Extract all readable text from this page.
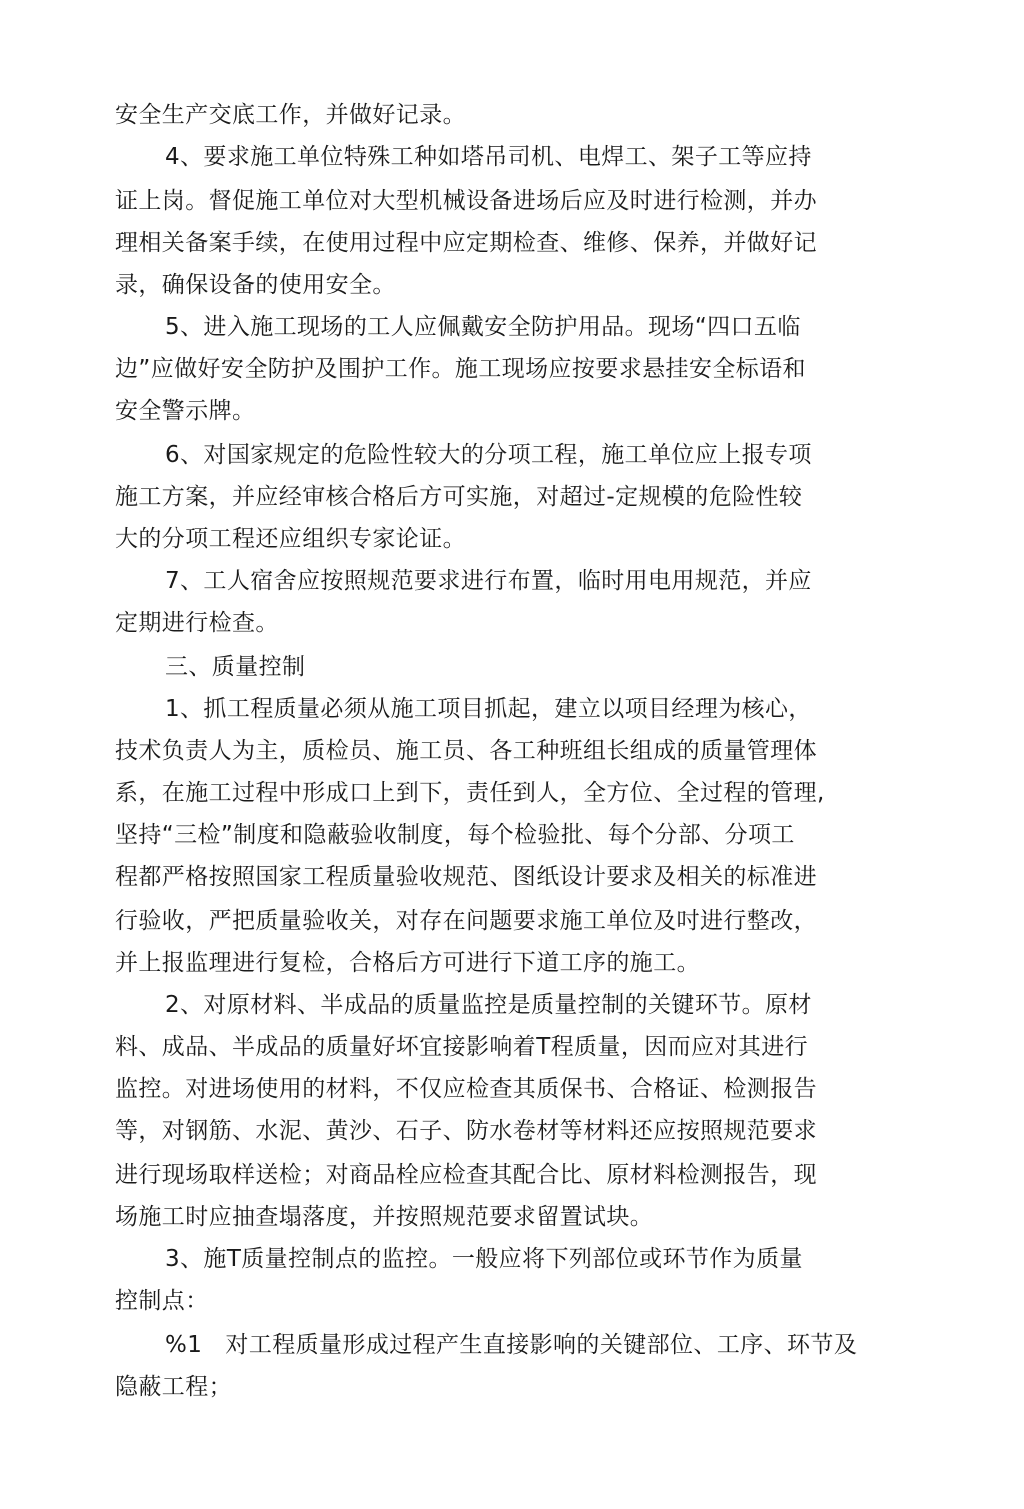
安全生产交底工作，并做好记录。
4、要求施工单位特殊工种如塔吊司机、电焊工、架子工等应持
证上岗。督促施工单位对大型机械设备进场后应及时进行检测，并办
理相关备案手续，在使用过程中应定期检查、维修、保养，并做好记
录，确保设备的使用安全。
5、进入施工现场的工人应佩戴安全防护用品。现场“四口五临
边”应做好安全防护及围护工作。施工现场应按要求悬挂安全标语和
安全警示牌。
6、对国家规定的危险性较大的分项工程，施工单位应上报专项
施工方案，并应经审核合格后方可实施，对超过-定规模的危险性较
大的分项工程还应组织专家论证。
7、工人宿舍应按照规范要求进行布置，临时用电用规范，并应
定期进行检查。
三、质量控制
1、抓工程质量必须从施工项目抓起，建立以项目经理为核心，
技术负责人为主，质检员、施工员、各工种班组长组成的质量管理体
系，在施工过程中形成口上到下，责任到人，全方位、全过程的管理,
坚持“三检”制度和隐蔽验收制度，每个检验批、每个分部、分项工
程都严格按照国家工程质量验收规范、图纸设计要求及相关的标准进
行验收，严把质量验收关，对存在问题要求施工单位及吋进行整改，
并上报监理进行复检，合格后方可进行下道工序的施工。
2、对原材料、半成品的质量监控是质量控制的关键环节。原材
料、成品、半成品的质量好坏宜接影响着T程质量，因而应对其进行
监控。对进场使用的材料，不仅应检查其质保书、合格证、检测报告
等，对钢筋、水泥、黄沙、石子、防水卷材等材料还应按照规范要求
进行现场取样送检；对商品栓应检查其配合比、原材料检测报告，现
场施工时应抽查塌落度，并按照规范要求留置试块。
3、施T质量控制点的监控。一般应将下列部位或环节作为质量
控制点：
%1   对工程质量形成过程产生直接影响的关键部位、工序、环节及
隐蔽工程；
